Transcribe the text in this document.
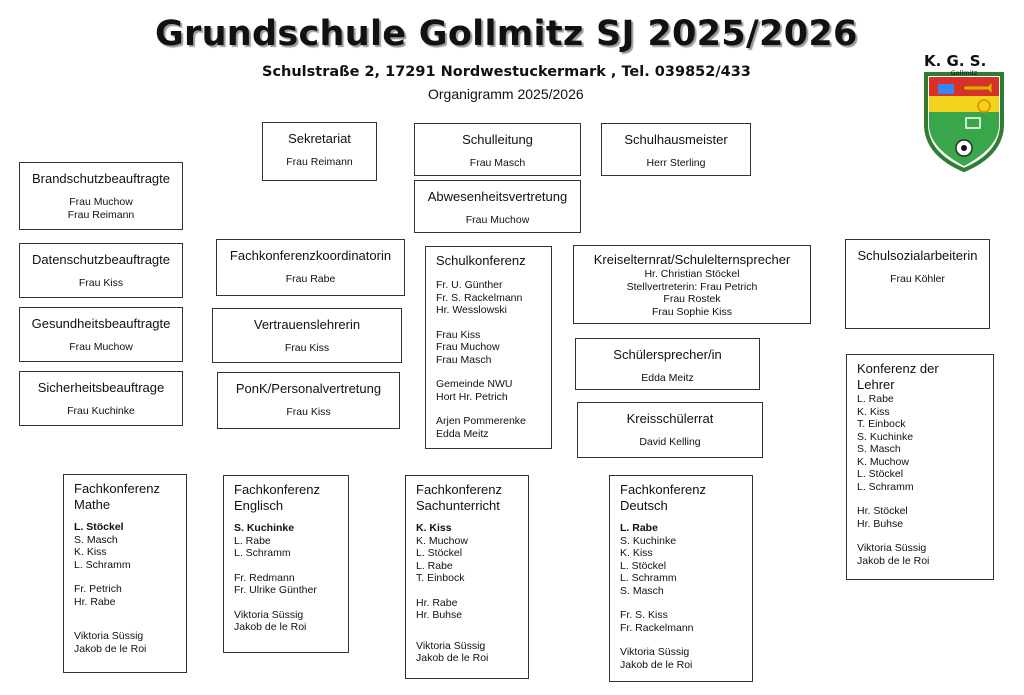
Grundschule Gollmitz SJ 2025/2026
Schulstraße 2, 17291 Nordwestuckermark , Tel. 039852/433
Organigramm 2025/2026
K. G. S.
Gollmitz
Sekretariat
Frau Reimann
Schulleitung
Frau Masch
Schulhausmeister
Herr Sterling
Abwesenheitsvertretung
Frau Muchow
Brandschutzbeauftragte
Frau Muchow
Frau Reimann
Datenschutzbeauftragte
Frau Kiss
Gesundheitsbeauftragte
Frau Muchow
Sicherheitsbeauftrage
Frau Kuchinke
Fachkonferenzkoordinatorin
Frau Rabe
Vertrauenslehrerin
Frau Kiss
PonK/Personalvertretung
Frau Kiss
Schulkonferenz
Fr. U. Günther
Fr. S. Rackelmann
Hr. Wesslowski
Frau Kiss
Frau Muchow
Frau Masch
Gemeinde NWU
Hort Hr. Petrich
Arjen Pommerenke
Edda Meitz
Kreiselternrat/Schulelternsprecher
Hr. Christian Stöckel
Stellvertreterin: Frau Petrich
Frau Rostek
Frau Sophie Kiss
Schülersprecher/in
Edda Meitz
Kreisschülerrat
David Kelling
Schulsozialarbeiterin
Frau Köhler
Konferenz der
Lehrer
L. Rabe
K. Kiss
T. Einbock
S. Kuchinke
S. Masch
K. Muchow
L. Stöckel
L. Schramm
Hr. Stöckel
Hr. Buhse
Viktoria Süssig
Jakob de le Roi
Fachkonferenz
Mathe
L. Stöckel
S. Masch
K. Kiss
L. Schramm
Fr. Petrich
Hr. Rabe
Viktoria Süssig
Jakob de le Roi
Fachkonferenz
Englisch
S. Kuchinke
L. Rabe
L. Schramm
Fr. Redmann
Fr. Ulrike Günther
Viktoria Süssig
Jakob de le Roi
Fachkonferenz
Sachunterricht
K. Kiss
K. Muchow
L. Stöckel
L. Rabe
T. Einbock
Hr. Rabe
Hr. Buhse
Viktoria Süssig
Jakob de le Roi
Fachkonferenz
Deutsch
L. Rabe
S. Kuchinke
K. Kiss
L. Stöckel
L. Schramm
S. Masch
Fr. S. Kiss
Fr. Rackelmann
Viktoria Süssig
Jakob de le Roi
